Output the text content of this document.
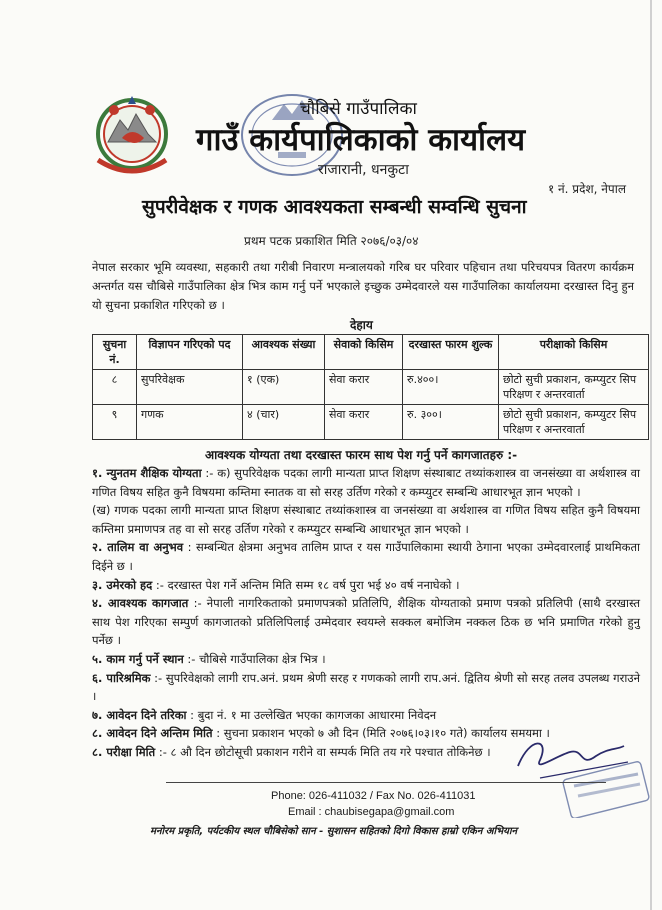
चौबिसे गाउँपालिका
गाउँ कार्यपालिकाको कार्यालय
राजारानी, धनकुटा
१ नं. प्रदेश, नेपाल
सुपरीवेक्षक र गणक आवश्यकता सम्बन्धी सम्वन्धि सुचना
प्रथम पटक प्रकाशित मिति २०७६/०३/०४
नेपाल सरकार भूमि व्यवस्था, सहकारी तथा गरीबी निवारण मन्त्रालयको गरिब घर परिवार पहिचान तथा परिचयपत्र वितरण कार्यक्रम अन्तर्गत यस चौबिसे गाउँपालिका क्षेत्र भित्र काम गर्नु पर्ने भएकाले इच्छुक उम्मेदवारले यस गाउँपालिका कार्यालयमा दरखास्त दिनु हुन यो सुचना प्रकाशित गरिएको छ ।
देहाय
सुचना नं.	विज्ञापन गरिएको पद	आवश्यक संख्या	सेवाको किसिम	दरखास्त फारम शुल्क	परीक्षाको किसिम
८	सुपरिवेक्षक	१ (एक)	सेवा करार	रु.४००।	छोटो सुची प्रकाशन, कम्प्युटर सिप परिक्षण र अन्तरवार्ता
९	गणक	४ (चार)	सेवा करार	रु. ३००।	छोटो सुची प्रकाशन, कम्प्युटर सिप परिक्षण र अन्तरवार्ता
आवश्यक योग्यता तथा दरखास्त फारम साथ पेश गर्नु पर्ने कागजातहरु :-

१. न्युनतम शैक्षिक योग्यता :- क) सुपरिवेक्षक पदका लागी मान्यता प्राप्त शिक्षण संस्थाबाट तथ्यांकशास्त्र वा जनसंख्या वा अर्थशास्त्र वा गणित विषय सहित कुनै विषयमा कम्तिमा स्नातक वा सो सरह उर्तिण गरेको र कम्प्युटर सम्बन्धि आधारभूत ज्ञान भएको ।

(ख) गणक पदका लागी मान्यता प्राप्त शिक्षण संस्थाबाट तथ्यांकशास्त्र वा जनसंख्या वा अर्थशास्त्र वा गणित विषय सहित कुनै विषयमा कम्तिमा प्रमाणपत्र तह वा सो सरह उर्तिण गरेको र कम्प्युटर सम्बन्धि आधारभूत ज्ञान भएको ।

२. तालिम वा अनुभव : सम्बन्धित क्षेत्रमा अनुभव तालिम प्राप्त र यस गाउँपालिकामा स्थायी ठेगाना भएका उम्मेदवारलाई प्राथमिकता दिईने छ ।

३. उमेरको हद :- दरखास्त पेश गर्ने अन्तिम मिति सम्म १८ वर्ष पुरा भई ४० वर्ष ननाघेको ।

४. आवश्यक कागजात :- नेपाली नागरिकताको प्रमाणपत्रको प्रतिलिपि, शैक्षिक योग्यताको प्रमाण पत्रको प्रतिलिपी (साथै दरखास्त साथ पेश गरिएका सम्पुर्ण कागजातको प्रतिलिपिलाई उम्मेदवार स्वयम्ले सक्कल बमोजिम नक्कल ठिक छ भनि प्रमाणित गरेको हुनु पर्नेछ ।

५. काम गर्नु पर्ने स्थान :- चौबिसे गाउँपालिका क्षेत्र भित्र ।

६. पारिश्रमिक :- सुपरिवेक्षको लागी राप.अनं. प्रथम श्रेणी सरह र गणकको लागी राप.अनं. द्वितिय श्रेणी सो सरह तलव उपलब्ध गराउने ।

७. आवेदन दिने तरिका : बुदा नं. १ मा उल्लेखित भएका कागजका आधारमा निवेदन

८. आवेदन दिने अन्तिम मिति : सुचना प्रकाशन भएको ७ औ दिन (मिति २०७६।०३।१० गते) कार्यालय समयमा ।

८. परीक्षा मिति :- ८ औ दिन छोटोसूची प्रकाशन गरीने वा सम्पर्क मिति तय गरे पश्चात तोकिनेछ ।

Phone: 026-411032 / Fax No. 026-411031
Email : chaubisegapa@gmail.com
मनोरम प्रकृति, पर्यटकीय स्थल चौबिसेको सान - सुशासन सहितको दिगो विकास हाम्रो एकिन अभियान
